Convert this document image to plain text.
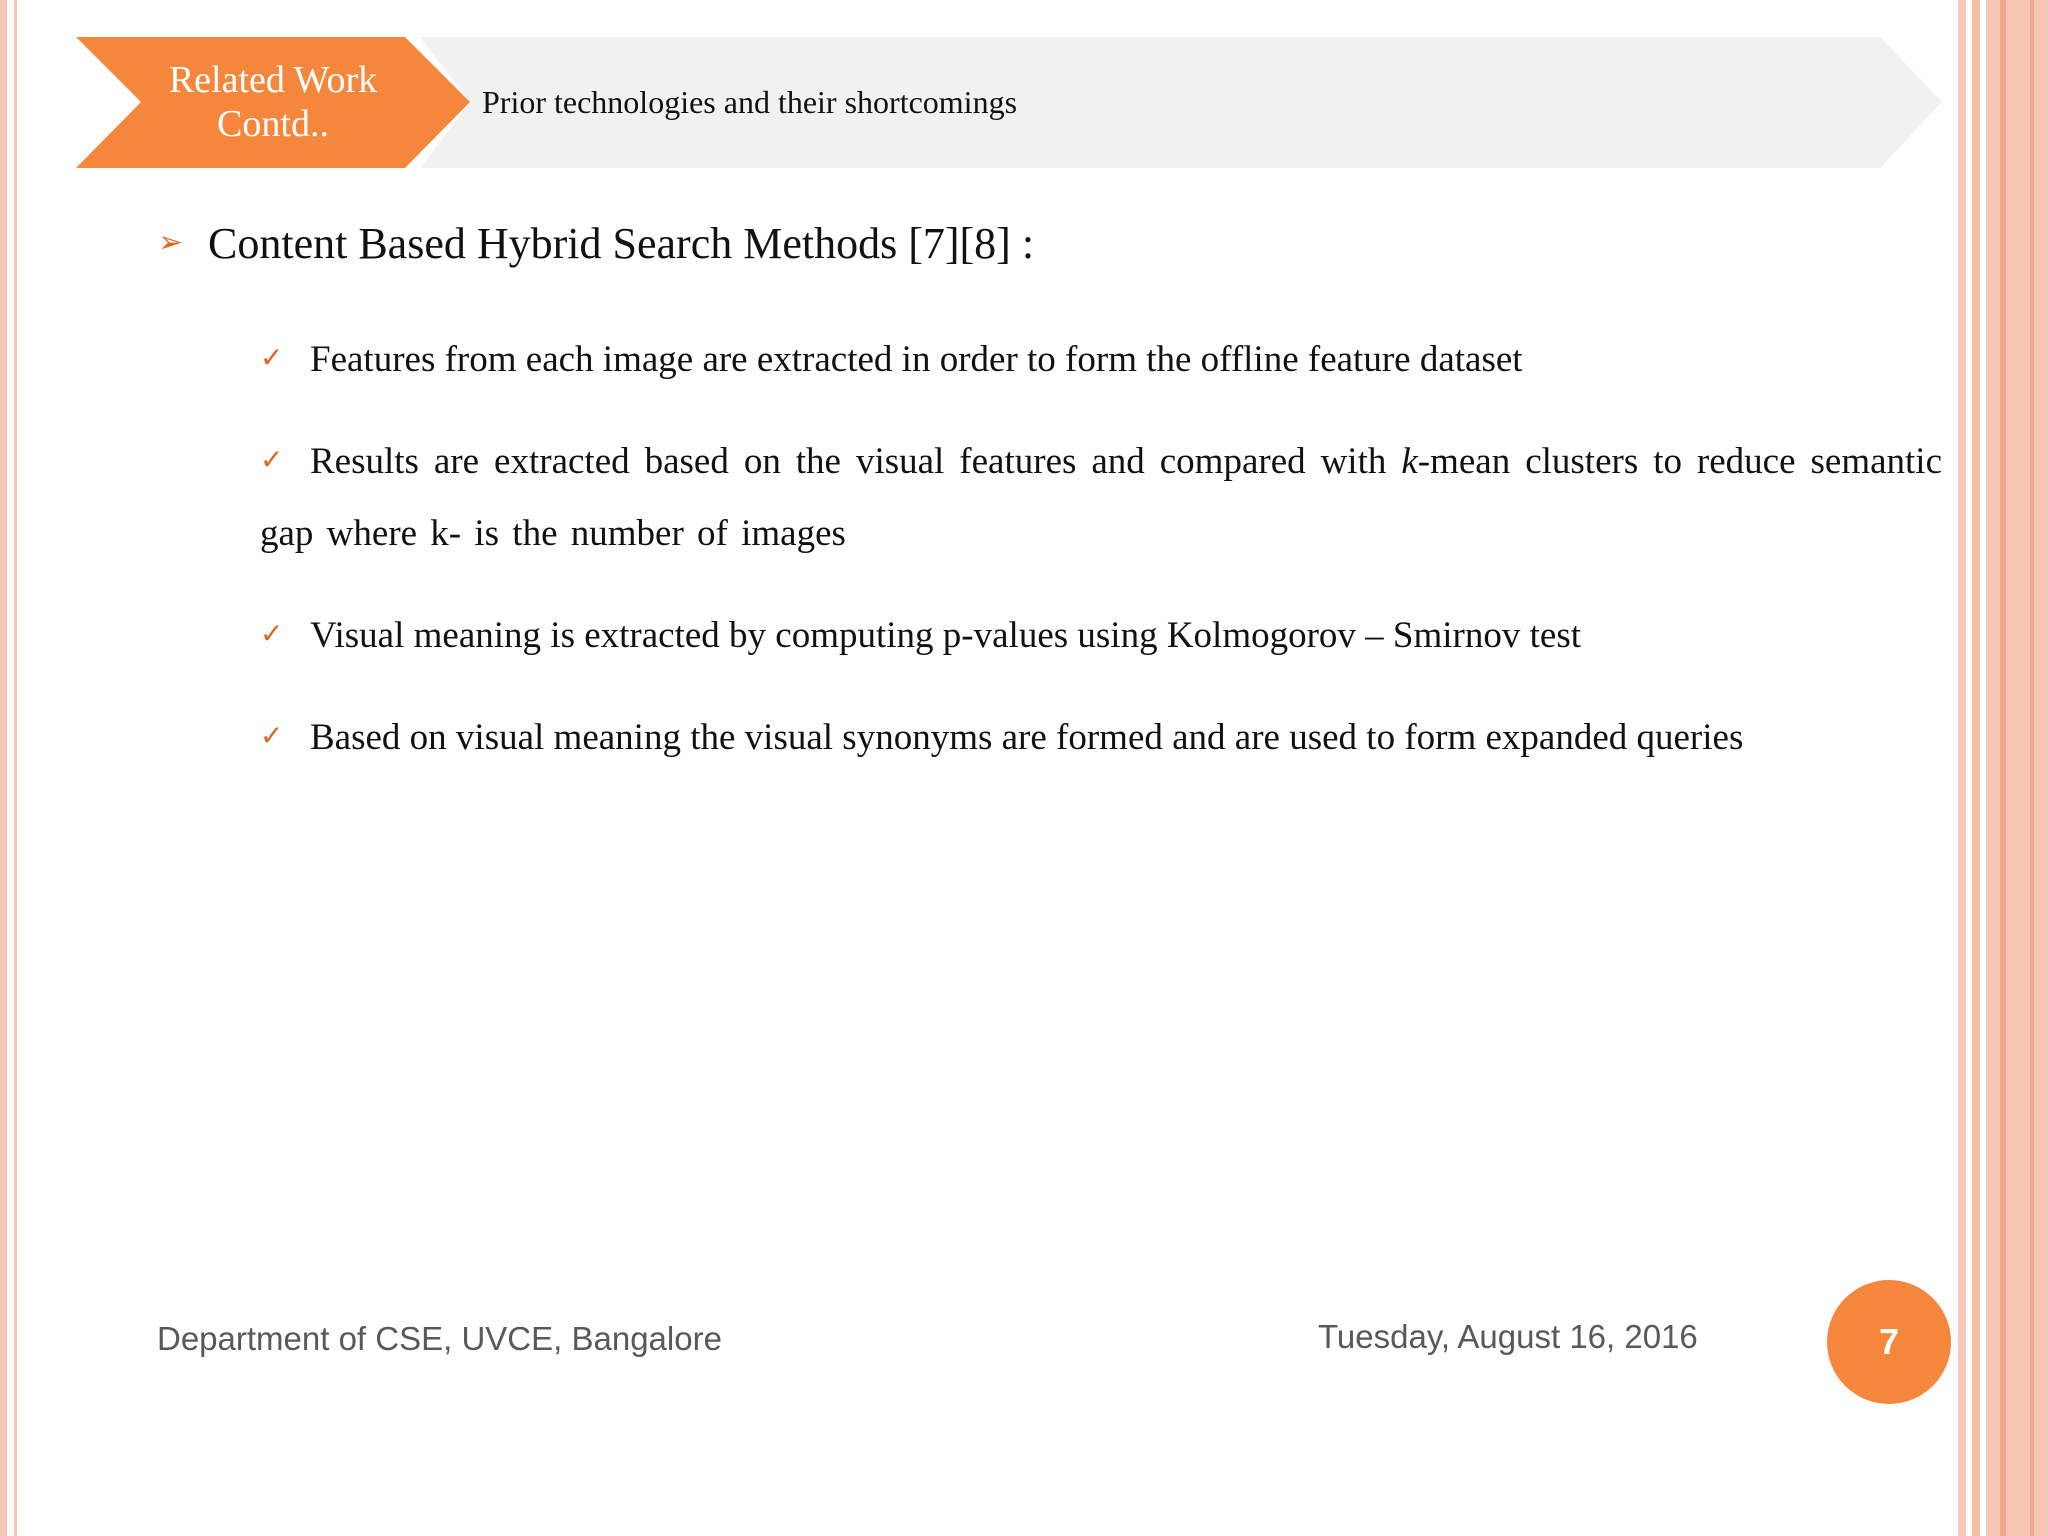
Related Work
Contd..
Prior technologies and their shortcomings
➢ Content Based Hybrid Search Methods [7][8] :
✓ Features from each image are extracted in order to form the offline feature dataset
✓ Results are extracted based on the visual features and compared with k-mean clusters to reduce semantic gap where k- is the number of images
✓ Visual meaning is extracted by computing p-values using Kolmogorov – Smirnov test
✓ Based on visual meaning the visual synonyms are formed and are used to form expanded queries
Department of CSE, UVCE, Bangalore	Tuesday, August 16, 2016	7
